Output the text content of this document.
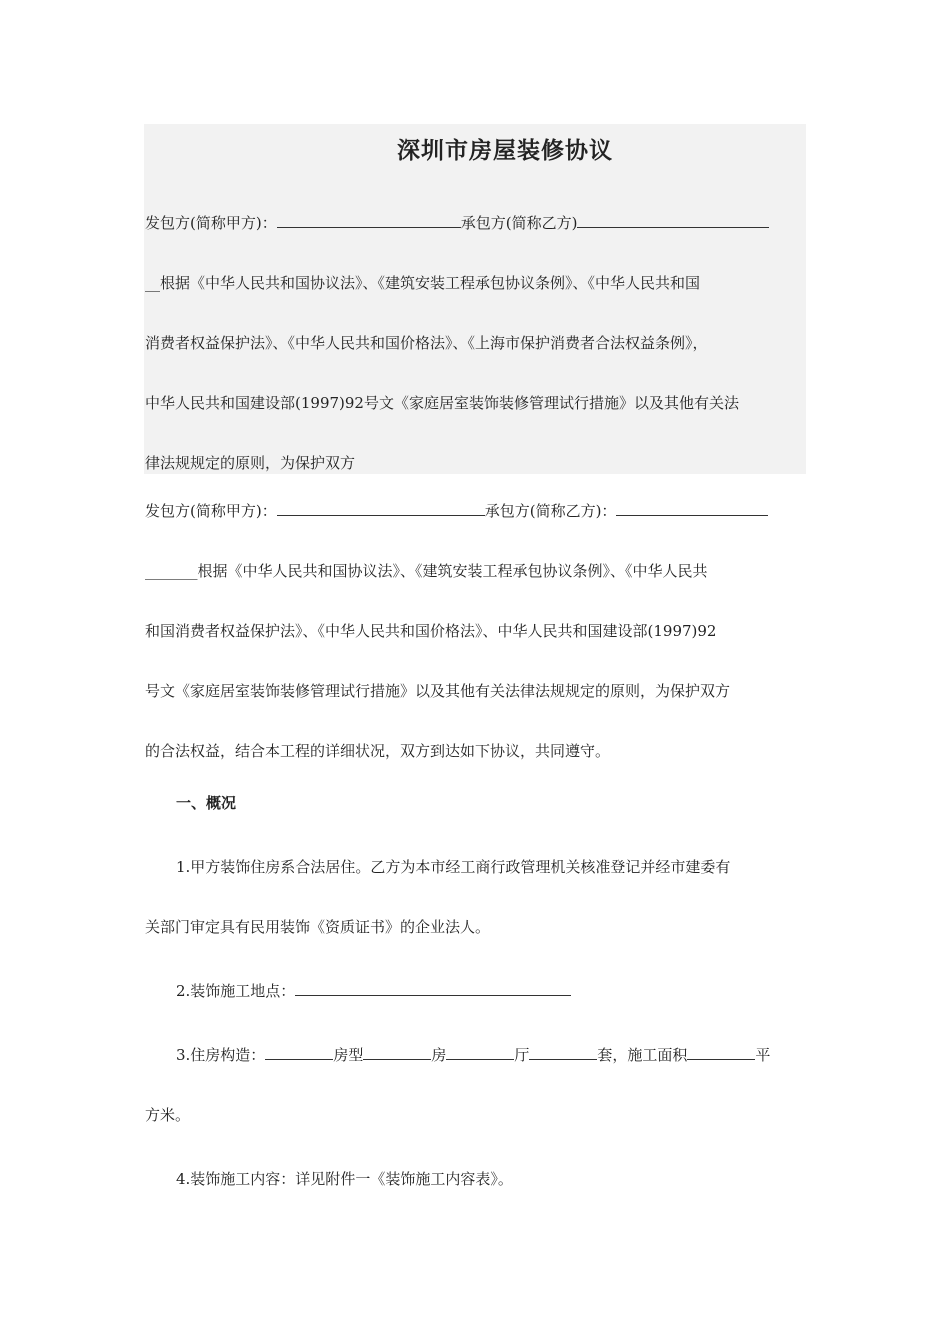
深圳市房屋装修协议
发包方(简称甲方)：	承包方(简称乙方)
__根据《中华人民共和国协议法》、《建筑安装工程承包协议条例》、《中华人民共和国
消费者权益保护法》、《中华人民共和国价格法》、《上海市保护消费者合法权益条例》，
中华人民共和国建设部(1997)92号文《家庭居室装饰装修管理试行措施》以及其他有关法
律法规规定的原则，为保护双方
发包方(简称甲方)：	承包方(简称乙方)：
_______根据《中华人民共和国协议法》、《建筑安装工程承包协议条例》、《中华人民共
和国消费者权益保护法》、《中华人民共和国价格法》、中华人民共和国建设部(1997)92
号文《家庭居室装饰装修管理试行措施》以及其他有关法律法规规定的原则，为保护双方
的合法权益，结合本工程的详细状况，双方到达如下协议，共同遵守。
一、概况
1.甲方装饰住房系合法居住。乙方为本市经工商行政管理机关核准登记并经市建委有
关部门审定具有民用装饰《资质证书》的企业法人。
2.装饰施工地点：
3.住房构造：	房型	房	厅	套，施工面积	平
方米。
4.装饰施工内容：详见附件一《装饰施工内容表》。
